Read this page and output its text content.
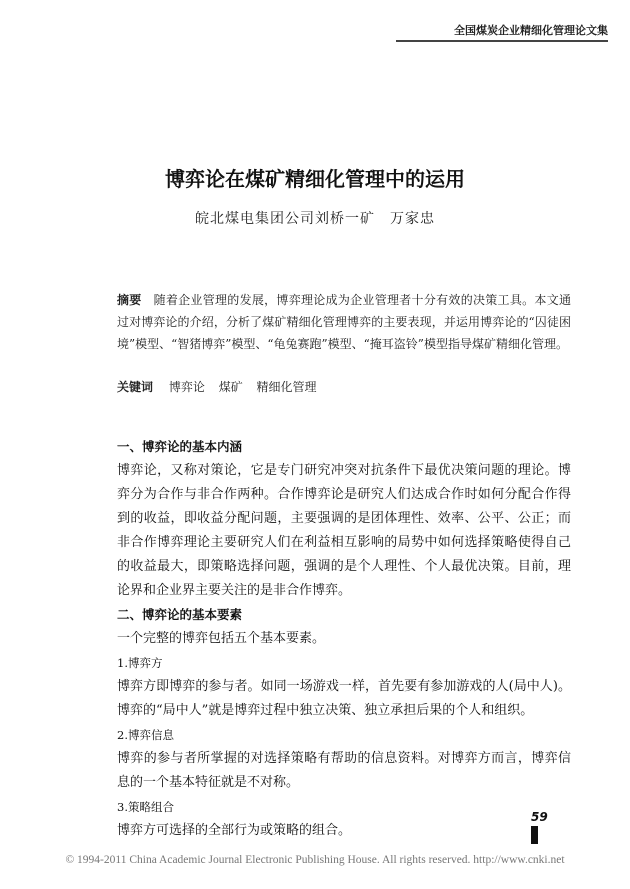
全国煤炭企业精细化管理论文集
博弈论在煤矿精细化管理中的运用
皖北煤电集团公司刘桥一矿　万家忠
摘要 随着企业管理的发展，博弈理论成为企业管理者十分有效的决策工具。本文通过对博弈论的介绍，分析了煤矿精细化管理博弈的主要表现，并运用博弈论的“囚徒困境”模型、“智猪博弈”模型、“龟兔赛跑”模型、“掩耳盗铃”模型指导煤矿精细化管理。
关键词 博弈论 煤矿 精细化管理

一、博弈论的基本内涵

博弈论，又称对策论，它是专门研究冲突对抗条件下最优决策问题的理论。博弈分为合作与非合作两种。合作博弈论是研究人们达成合作时如何分配合作得到的收益，即收益分配问题，主要强调的是团体理性、效率、公平、公正；而非合作博弈理论主要研究人们在利益相互影响的局势中如何选择策略使得自己的收益最大，即策略选择问题，强调的是个人理性、个人最优决策。目前，理论界和企业界主要关注的是非合作博弈。

二、博弈论的基本要素

一个完整的博弈包括五个基本要素。

1.博弈方

博弈方即博弈的参与者。如同一场游戏一样，首先要有参加游戏的人(局中人)。博弈的“局中人”就是博弈过程中独立决策、独立承担后果的个人和组织。

2.博弈信息

博弈的参与者所掌握的对选择策略有帮助的信息资料。对博弈方而言，博弈信息的一个基本特征就是不对称。

3.策略组合

博弈方可选择的全部行为或策略的组合。

59
© 1994-2011 China Academic Journal Electronic Publishing House. All rights reserved. http://www.cnki.net
